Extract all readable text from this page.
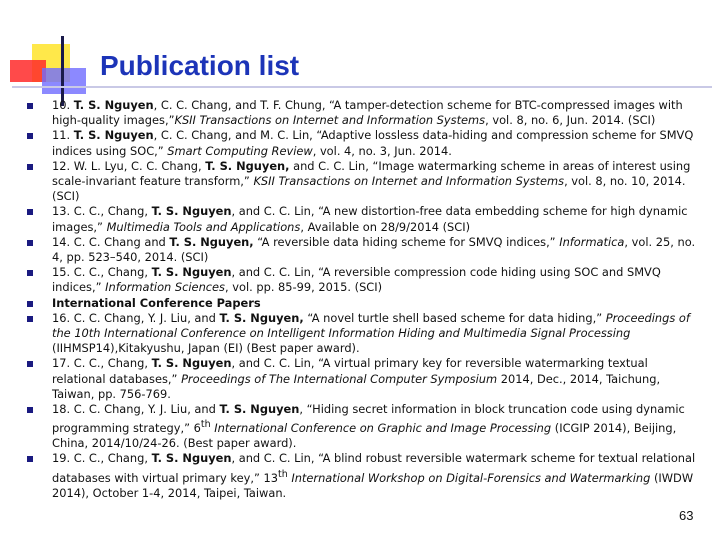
Publication list
10. T. S. Nguyen, C. C. Chang, and T. F. Chung, “A tamper-detection scheme for BTC-compressed images with high-quality images,”KSII Transactions on Internet and Information Systems, vol. 8, no. 6, Jun. 2014. (SCI)
11. T. S. Nguyen, C. C. Chang, and M. C. Lin, “Adaptive lossless data-hiding and compression scheme for SMVQ indices using SOC,” Smart Computing Review, vol. 4, no. 3, Jun. 2014.
12. W. L. Lyu, C. C. Chang, T. S. Nguyen, and C. C. Lin, “Image watermarking scheme in areas of interest using scale-invariant feature transform,” KSII Transactions on Internet and Information Systems, vol. 8, no. 10, 2014. (SCI)
13. C. C., Chang, T. S. Nguyen, and C. C. Lin, “A new distortion-free data embedding scheme for high dynamic images,” Multimedia Tools and Applications, Available on 28/9/2014 (SCI)
14. C. C. Chang and T. S. Nguyen, “A reversible data hiding scheme for SMVQ indices,” Informatica, vol. 25, no. 4, pp. 523–540, 2014. (SCI)
15. C. C., Chang, T. S. Nguyen, and C. C. Lin, “A reversible compression code hiding using SOC and SMVQ indices,” Information Sciences, vol. pp. 85-99, 2015. (SCI)
International Conference Papers
16. C. C. Chang, Y. J. Liu, and T. S. Nguyen, “A novel turtle shell based scheme for data hiding,” Proceedings of the 10th International Conference on Intelligent Information Hiding and Multimedia Signal Processing (IIHMSP14),Kitakyushu, Japan (EI) (Best paper award).
17. C. C., Chang, T. S. Nguyen, and C. C. Lin, “A virtual primary key for reversible watermarking textual relational databases,” Proceedings of The International Computer Symposium 2014, Dec., 2014, Taichung, Taiwan, pp. 756-769.
18. C. C. Chang, Y. J. Liu, and T. S. Nguyen, “Hiding secret information in block truncation code using dynamic programming strategy,” 6th International Conference on Graphic and Image Processing (ICGIP 2014), Beijing, China, 2014/10/24-26. (Best paper award).
19. C. C., Chang, T. S. Nguyen, and C. C. Lin, “A blind robust reversible watermark scheme for textual relational databases with virtual primary key,” 13th International Workshop on Digital-Forensics and Watermarking (IWDW 2014), October 1-4, 2014, Taipei, Taiwan.
63
